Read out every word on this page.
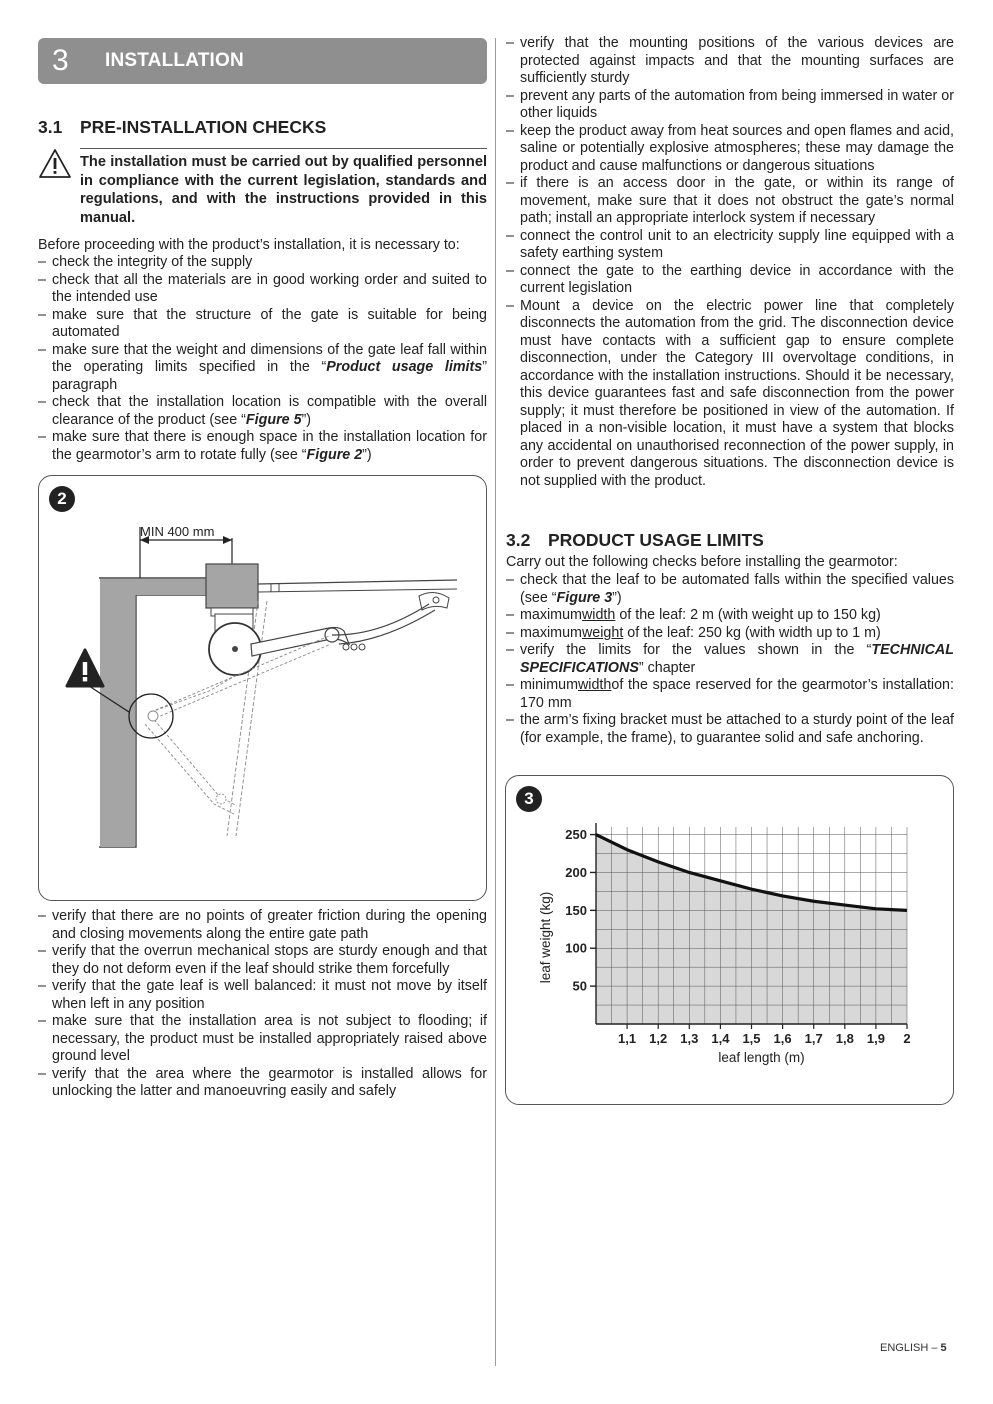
3 INSTALLATION
3.1 PRE-INSTALLATION CHECKS
The installation must be carried out by qualified personnel in compliance with the current legislation, standards and regulations, and with the instructions provided in this manual.
Before proceeding with the product’s installation, it is necessary to:
– check the integrity of the supply
– check that all the materials are in good working order and suited to the intended use
– make sure that the structure of the gate is suitable for being automated
– make sure that the weight and dimensions of the gate leaf fall within the operating limits specified in the “Product usage limits” paragraph
– check that the installation location is compatible with the overall clearance of the product (see “Figure 5”)
– make sure that there is enough space in the installation location for the gearmotor’s arm to rotate fully (see “Figure 2”)
2
MIN 400 mm
– verify that there are no points of greater friction during the opening and closing movements along the entire gate path
– verify that the overrun mechanical stops are sturdy enough and that they do not deform even if the leaf should strike them forcefully
– verify that the gate leaf is well balanced: it must not move by itself when left in any position
– make sure that the installation area is not subject to flooding; if necessary, the product must be installed appropriately raised above ground level
– verify that the area where the gearmotor is installed allows for unlocking the latter and manoeuvring easily and safely
– verify that the mounting positions of the various devices are protected against impacts and that the mounting surfaces are sufficiently sturdy
– prevent any parts of the automation from being immersed in water or other liquids
– keep the product away from heat sources and open flames and acid, saline or potentially explosive atmospheres; these may damage the product and cause malfunctions or dangerous situations
– if there is an access door in the gate, or within its range of movement, make sure that it does not obstruct the gate’s normal path; install an appropriate interlock system if necessary
– connect the control unit to an electricity supply line equipped with a safety earthing system
– connect the gate to the earthing device in accordance with the current legislation
– Mount a device on the electric power line that completely disconnects the automation from the grid. The disconnection device must have contacts with a sufficient gap to ensure complete disconnection, under the Category III overvoltage conditions, in accordance with the installation instructions. Should it be necessary, this device guarantees fast and safe disconnection from the power supply; it must therefore be positioned in view of the automation. If placed in a non-visible location, it must have a system that blocks any accidental on unauthorised reconnection of the power supply, in order to prevent dangerous situations. The disconnection device is not supplied with the product.
3.2 PRODUCT USAGE LIMITS
Carry out the following checks before installing the gearmotor:
– check that the leaf to be automated falls within the specified values (see “Figure 3”)
– maximumwidth of the leaf: 2 m (with weight up to 150 kg)
– maximumweight of the leaf: 250 kg (with width up to 1 m)
– verify the limits for the values shown in the “TECHNICAL SPECIFICATIONS” chapter
– minimumwidthof the space reserved for the gearmotor’s installation: 170 mm
– the arm’s fixing bracket must be attached to a sturdy point of the leaf (for example, the frame), to guarantee solid and safe anchoring.
3
50
100
150
200
250
1,1 1,2 1,3 1,4 1,5 1,6 1,7 1,8 1,9 2
leaf length (m)
leaf weight (kg)
ENGLISH – 5
